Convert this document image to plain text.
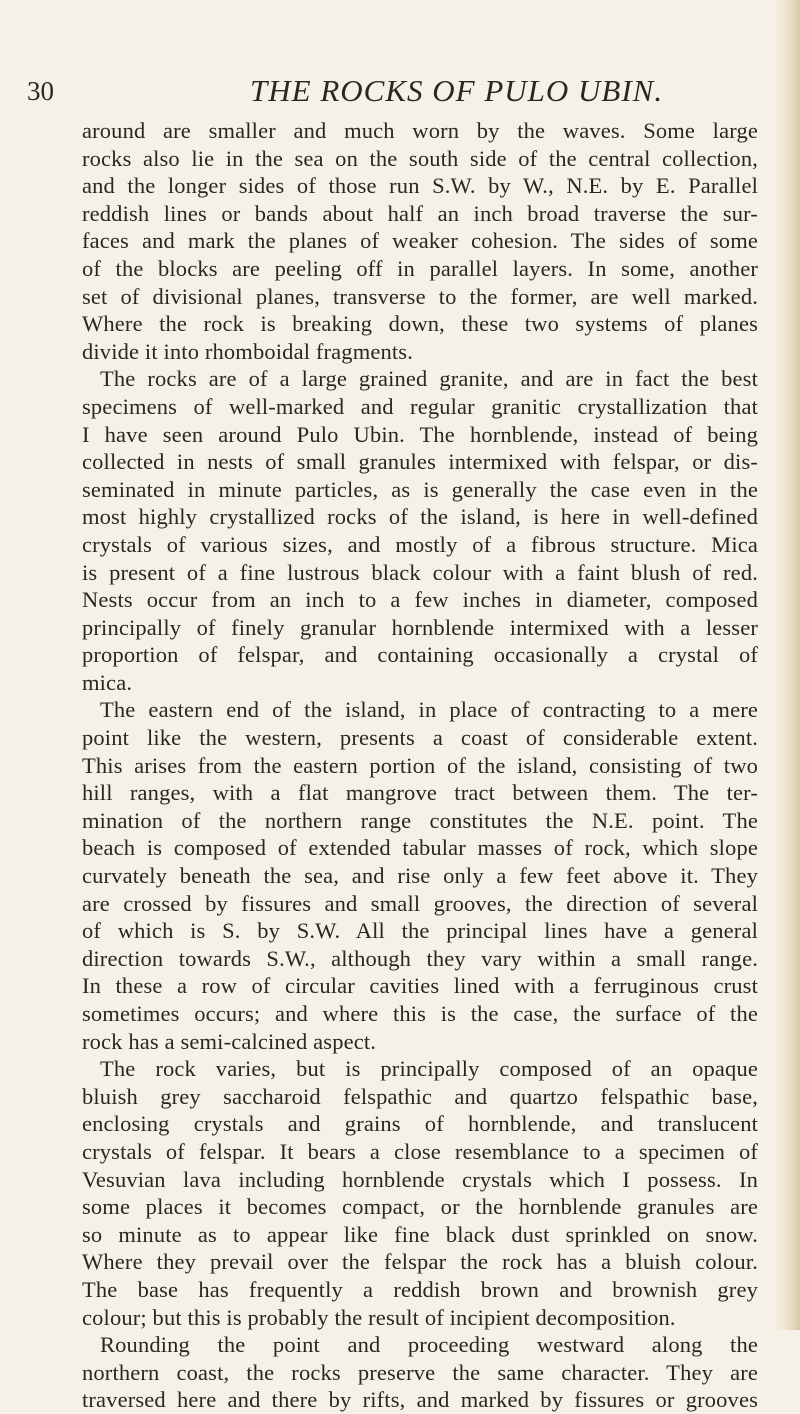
30	THE ROCKS OF PULO UBIN.
around are smaller and much worn by the waves. Some large
rocks also lie in the sea on the south side of the central collection,
and the longer sides of those run S.W. by W., N.E. by E. Parallel
reddish lines or bands about half an inch broad traverse the sur-
faces and mark the planes of weaker cohesion. The sides of some
of the blocks are peeling off in parallel layers. In some, another
set of divisional planes, transverse to the former, are well marked.
Where the rock is breaking down, these two systems of planes
divide it into rhomboidal fragments.
The rocks are of a large grained granite, and are in fact the best
specimens of well-marked and regular granitic crystallization that
I have seen around Pulo Ubin. The hornblende, instead of being
collected in nests of small granules intermixed with felspar, or dis-
seminated in minute particles, as is generally the case even in the
most highly crystallized rocks of the island, is here in well-defined
crystals of various sizes, and mostly of a fibrous structure. Mica
is present of a fine lustrous black colour with a faint blush of red.
Nests occur from an inch to a few inches in diameter, composed
principally of finely granular hornblende intermixed with a lesser
proportion of felspar, and containing occasionally a crystal of
mica.
The eastern end of the island, in place of contracting to a mere
point like the western, presents a coast of considerable extent.
This arises from the eastern portion of the island, consisting of two
hill ranges, with a flat mangrove tract between them. The ter-
mination of the northern range constitutes the N.E. point. The
beach is composed of extended tabular masses of rock, which slope
curvately beneath the sea, and rise only a few feet above it. They
are crossed by fissures and small grooves, the direction of several
of which is S. by S.W. All the principal lines have a general
direction towards S.W., although they vary within a small range.
In these a row of circular cavities lined with a ferruginous crust
sometimes occurs; and where this is the case, the surface of the
rock has a semi-calcined aspect.
The rock varies, but is principally composed of an opaque
bluish grey saccharoid felspathic and quartzo felspathic base,
enclosing crystals and grains of hornblende, and translucent
crystals of felspar. It bears a close resemblance to a specimen of
Vesuvian lava including hornblende crystals which I possess. In
some places it becomes compact, or the hornblende granules are
so minute as to appear like fine black dust sprinkled on snow.
Where they prevail over the felspar the rock has a bluish colour.
The base has frequently a reddish brown and brownish grey
colour; but this is probably the result of incipient decomposition.
Rounding the point and proceeding westward along the
northern coast, the rocks preserve the same character. They are
traversed here and there by rifts, and marked by fissures or grooves
